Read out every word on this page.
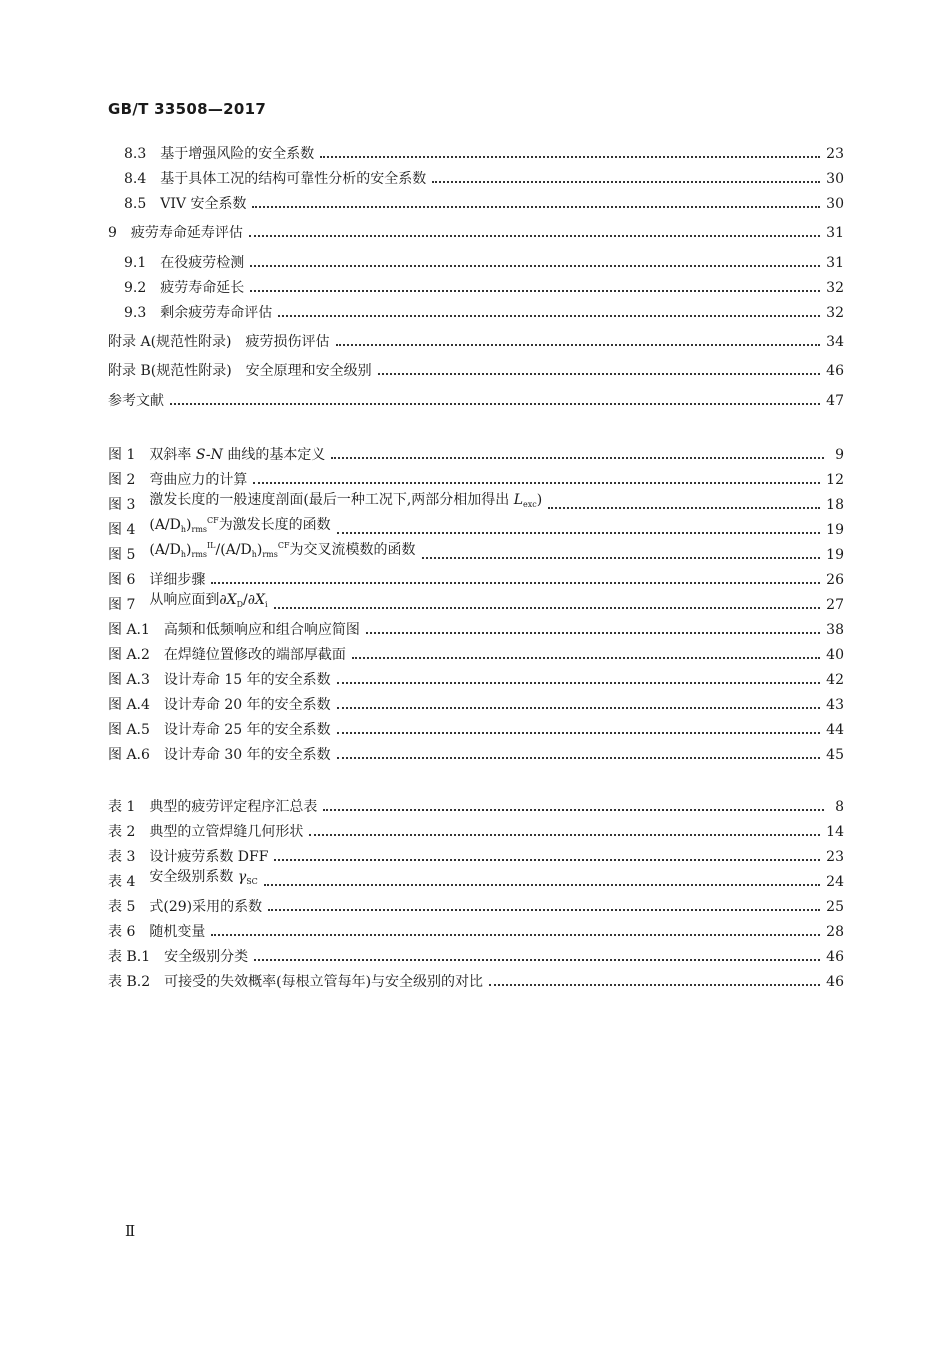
GB/T 33508—2017
8.3 基于增强风险的安全系数	23
8.4 基于具体工况的结构可靠性分析的安全系数	30
8.5 VIV 安全系数	30
9 疲劳寿命延寿评估	31
9.1 在役疲劳检测	31
9.2 疲劳寿命延长	32
9.3 剩余疲劳寿命评估	32
附录 A (规范性附录)　疲劳损伤评估	34
附录 B (规范性附录)　安全原理和安全级别	46
参考文献	47
图 1 双斜率 S-N 曲线的基本定义	9
图 2 弯曲应力的计算	12
图 3 激发长度的一般速度剖面(最后一种工况下,两部分相加得出 $L_{exc}$)	18
图 4 $(A/D_h)_{rms}^{CF}$为激发长度的函数	19
图 5 $(A/D_h)_{rms}^{IL}/(A/D_h)_{rms}^{CF}$为交叉流模数的函数	19
图 6 详细步骤	26
图 7 从响应面到$\partial X_D/\partial X_i$	27
图 A.1 高频和低频响应和组合响应简图	38
图 A.2 在焊缝位置修改的端部厚截面	40
图 A.3 设计寿命 15 年的安全系数	42
图 A.4 设计寿命 20 年的安全系数	43
图 A.5 设计寿命 25 年的安全系数	44
图 A.6 设计寿命 30 年的安全系数	45
表 1 典型的疲劳评定程序汇总表	8
表 2 典型的立管焊缝几何形状	14
表 3 设计疲劳系数 DFF	23
表 4 安全级别系数 $\gamma_{SC}$	24
表 5 式(29)采用的系数	25
表 6 随机变量	28
表 B.1 安全级别分类	46
表 B.2 可接受的失效概率(每根立管每年)与安全级别的对比	46
Ⅱ
